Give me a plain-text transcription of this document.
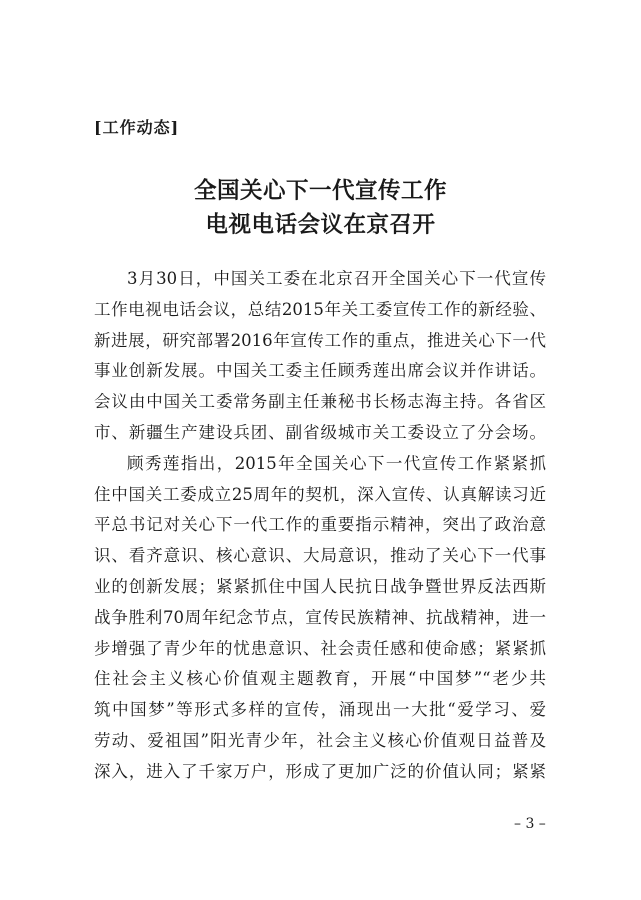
[工作动态]
全国关心下一代宣传工作
电视电话会议在京召开
3月30日，中国关工委在北京召开全国关心下一代宣传
工作电视电话会议，总结2015年关工委宣传工作的新经验、
新进展，研究部署2016年宣传工作的重点，推进关心下一代
事业创新发展。中国关工委主任顾秀莲出席会议并作讲话。
会议由中国关工委常务副主任兼秘书长杨志海主持。各省区
市、新疆生产建设兵团、副省级城市关工委设立了分会场。
顾秀莲指出，2015年全国关心下一代宣传工作紧紧抓
住中国关工委成立25周年的契机，深入宣传、认真解读习近
平总书记对关心下一代工作的重要指示精神，突出了政治意
识、看齐意识、核心意识、大局意识，推动了关心下一代事
业的创新发展；紧紧抓住中国人民抗日战争暨世界反法西斯
战争胜利70周年纪念节点，宣传民族精神、抗战精神，进一
步增强了青少年的忧患意识、社会责任感和使命感；紧紧抓
住社会主义核心价值观主题教育，开展“中国梦”“老少共
筑中国梦”等形式多样的宣传，涌现出一大批“爱学习、爱
劳动、爱祖国”阳光青少年，社会主义核心价值观日益普及
深入，进入了千家万户，形成了更加广泛的价值认同；紧紧
– 3 –
